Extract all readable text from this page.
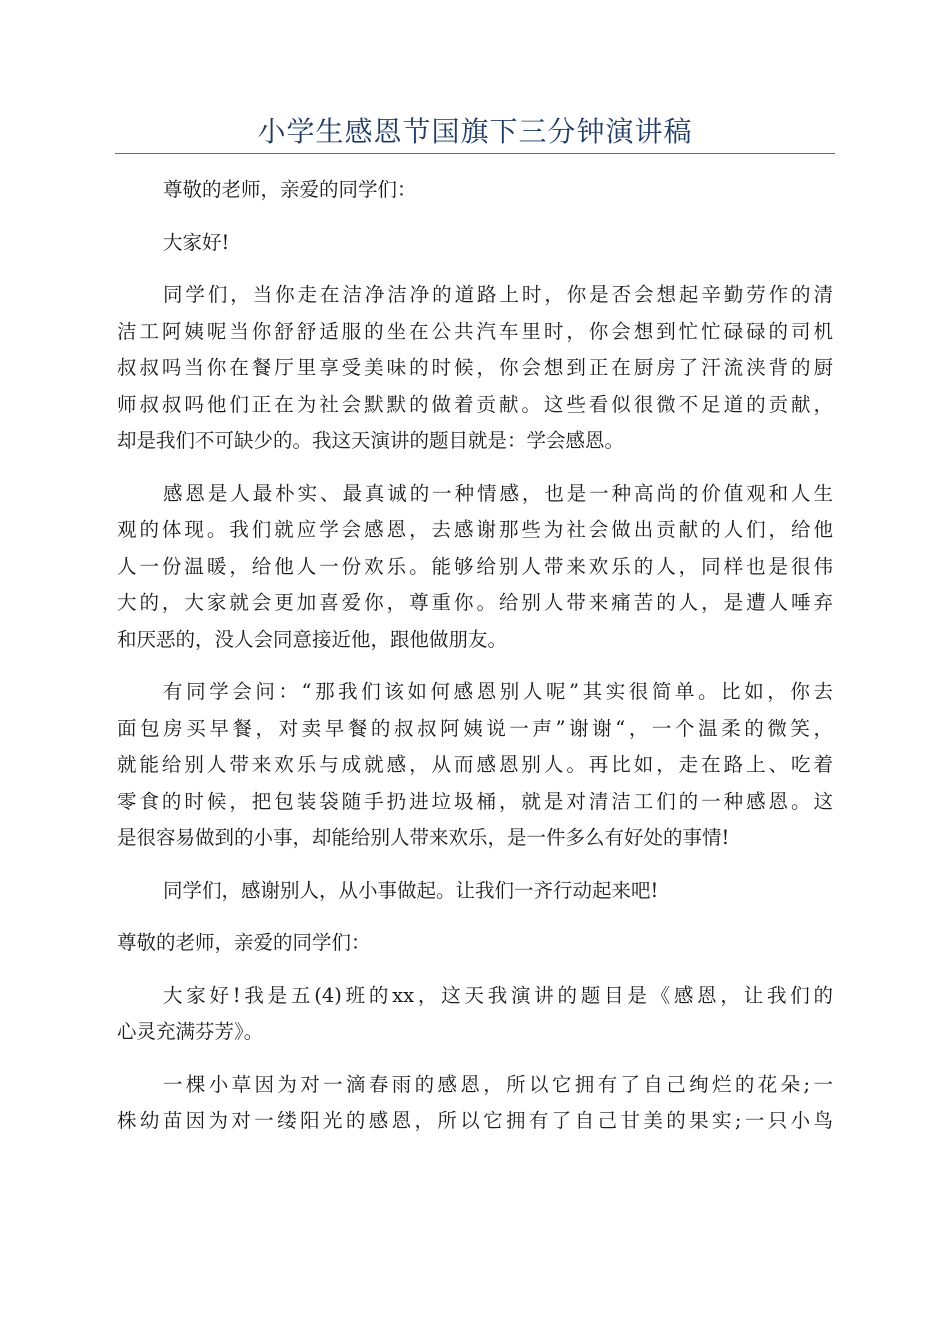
小学生感恩节国旗下三分钟演讲稿
尊敬的老师，亲爱的同学们：
大家好!
同学们，当你走在洁净洁净的道路上时，你是否会想起辛勤劳作的清
洁工阿姨呢当你舒舒适服的坐在公共汽车里时，你会想到忙忙碌碌的司机
叔叔吗当你在餐厅里享受美味的时候，你会想到正在厨房了汗流浃背的厨
师叔叔吗他们正在为社会默默的做着贡献。这些看似很微不足道的贡献，
却是我们不可缺少的。我这天演讲的题目就是：学会感恩。
感恩是人最朴实、最真诚的一种情感，也是一种高尚的价值观和人生
观的体现。我们就应学会感恩，去感谢那些为社会做出贡献的人们，给他
人一份温暖，给他人一份欢乐。能够给别人带来欢乐的人，同样也是很伟
大的，大家就会更加喜爱你，尊重你。给别人带来痛苦的人，是遭人唾弃
和厌恶的，没人会同意接近他，跟他做朋友。
有同学会问：“那我们该如何感恩别人呢”其实很简单。比如，你去
面包房买早餐，对卖早餐的叔叔阿姨说一声”谢谢“，一个温柔的微笑，
就能给别人带来欢乐与成就感，从而感恩别人。再比如，走在路上、吃着
零食的时候，把包装袋随手扔进垃圾桶，就是对清洁工们的一种感恩。这
是很容易做到的小事，却能给别人带来欢乐，是一件多么有好处的事情!
同学们，感谢别人，从小事做起。让我们一齐行动起来吧!
尊敬的老师，亲爱的同学们：
大家好!我是五(4)班的xx，这天我演讲的题目是《感恩，让我们的
心灵充满芬芳》。
一棵小草因为对一滴春雨的感恩，所以它拥有了自己绚烂的花朵;一
株幼苗因为对一缕阳光的感恩，所以它拥有了自己甘美的果实;一只小鸟
